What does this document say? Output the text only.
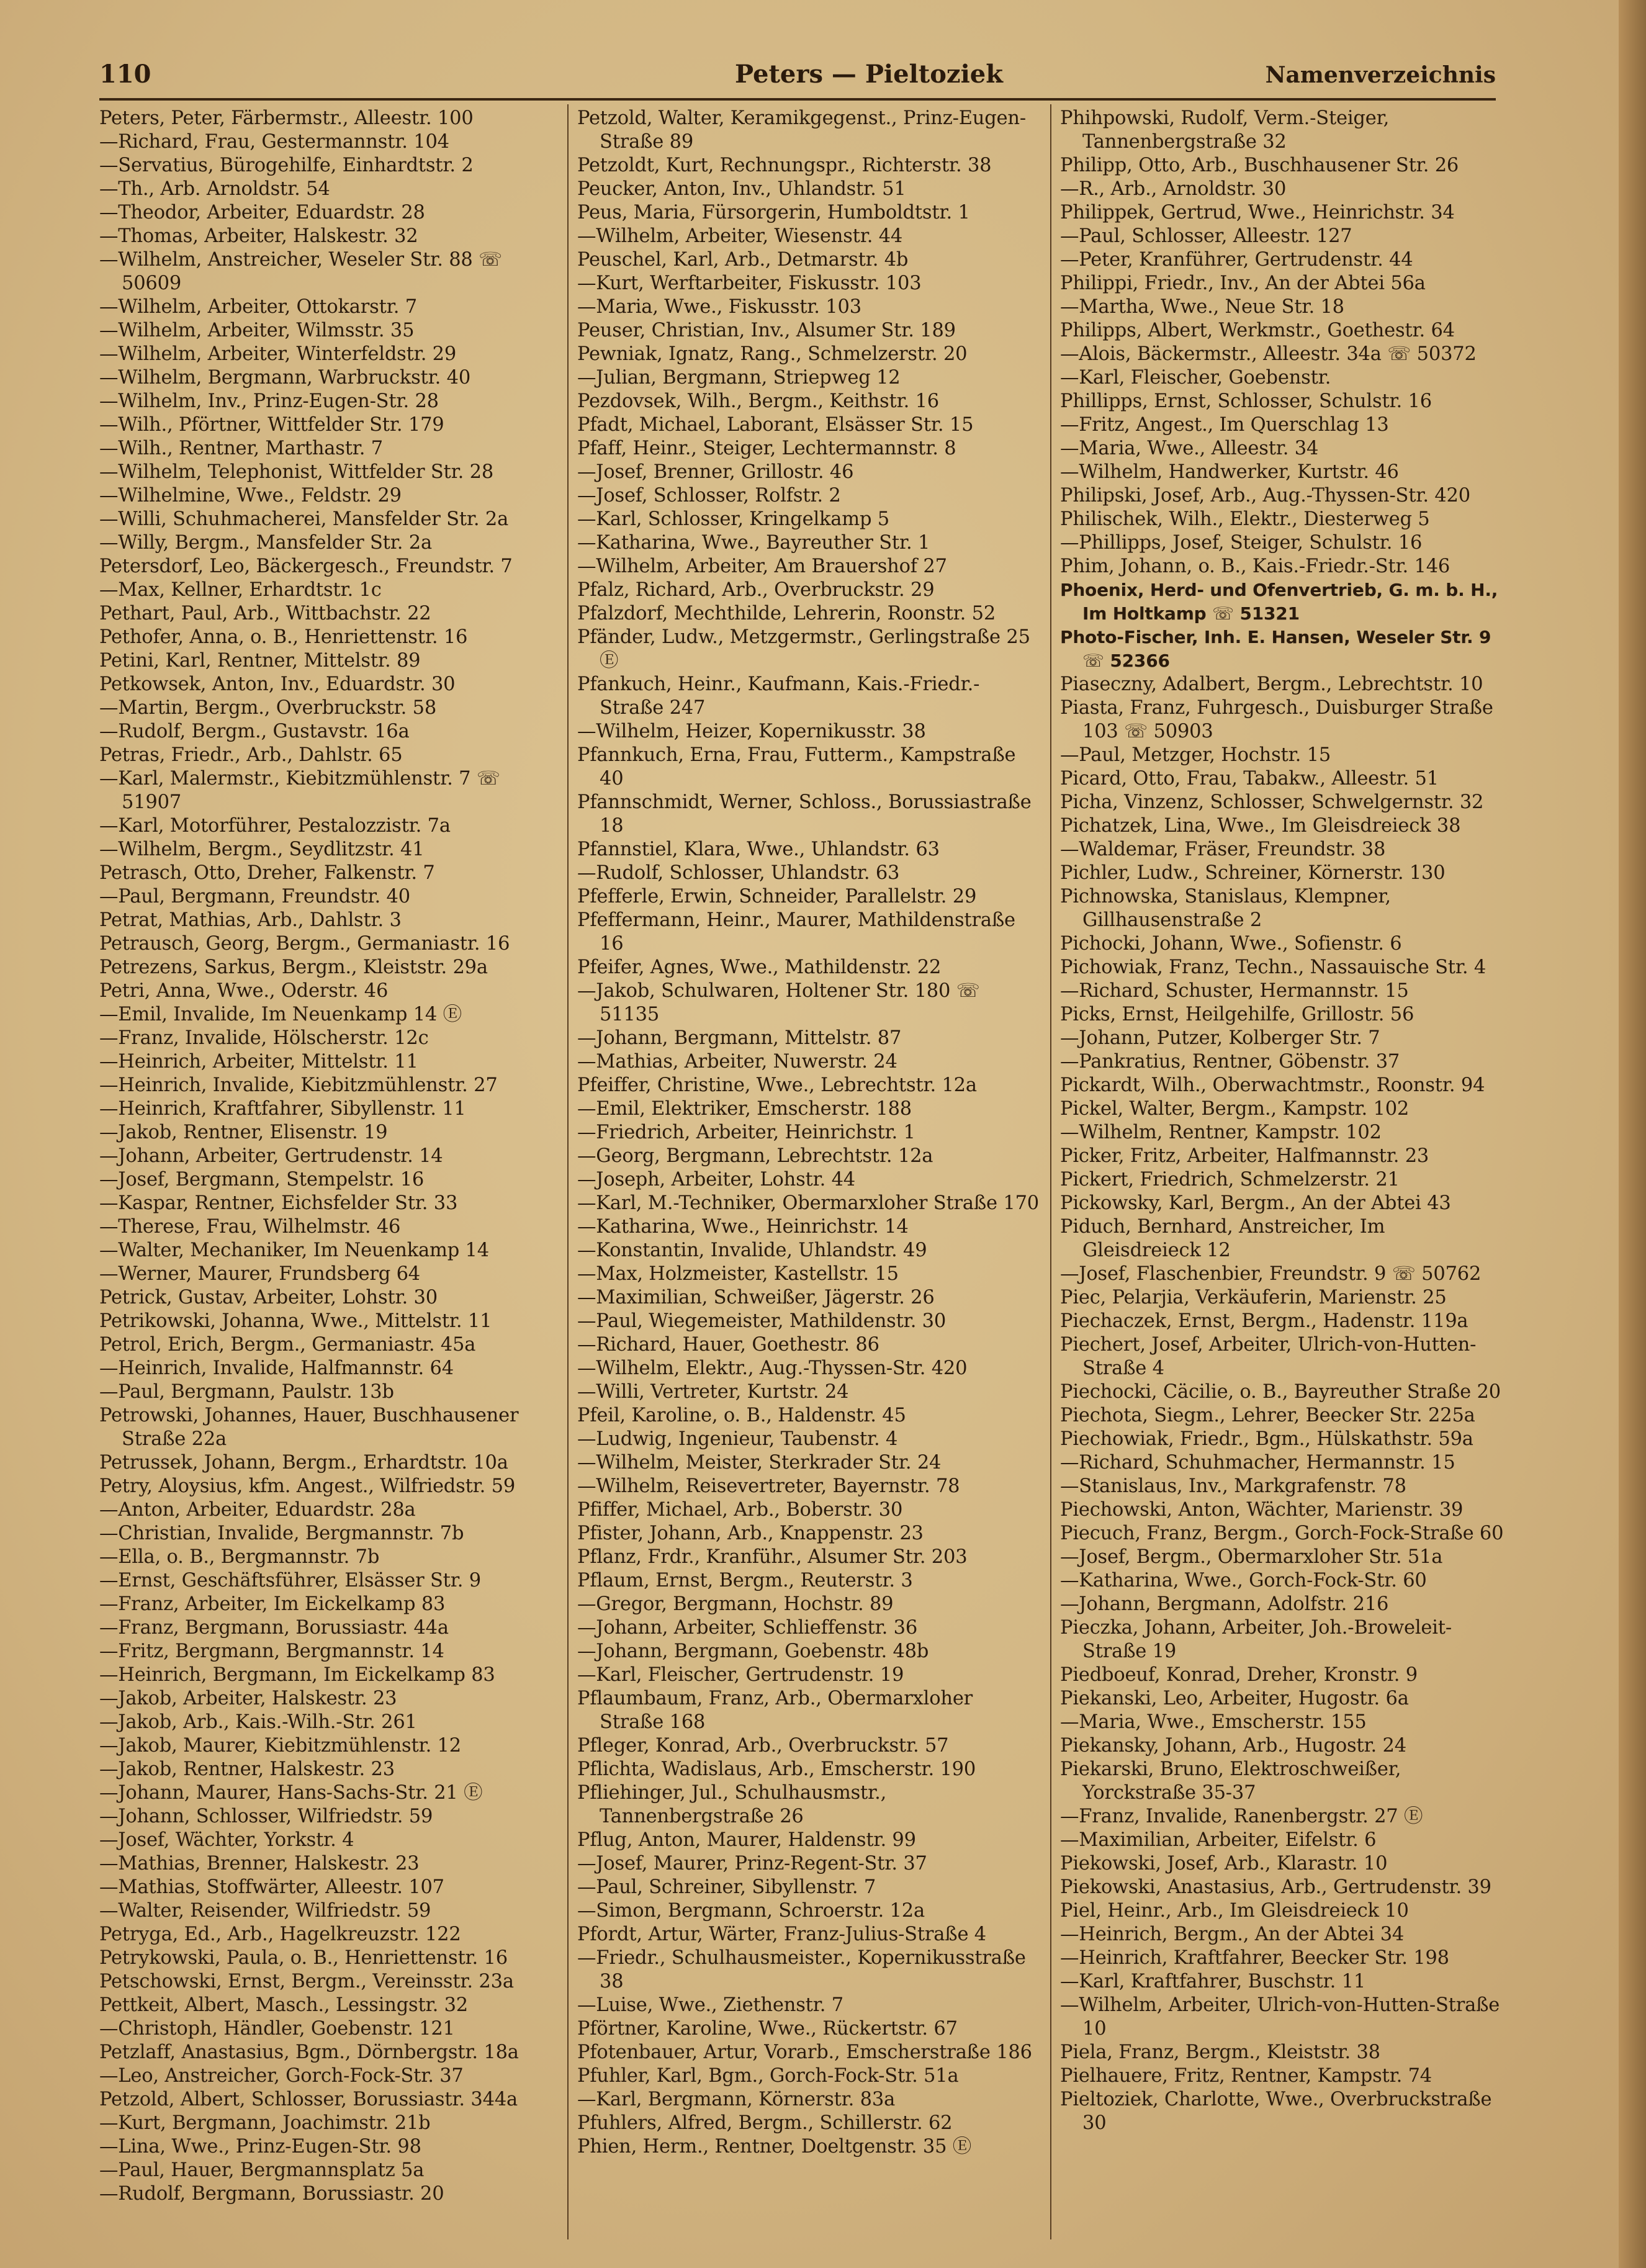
110	Peters — Pieltoziek	Namenverzeichnis

Peters, Peter, Färbermstr., Alleestr. 100

—Richard, Frau, Gestermannstr. 104

—Servatius, Bürogehilfe, Einhardtstr. 2

—Th., Arb. Arnoldstr. 54

—Theodor, Arbeiter, Eduardstr. 28

—Thomas, Arbeiter, Halskestr. 32

—Wilhelm, Anstreicher, Weseler Str. 88 ☏ 50609

—Wilhelm, Arbeiter, Ottokarstr. 7

—Wilhelm, Arbeiter, Wilmsstr. 35

—Wilhelm, Arbeiter, Winterfeldstr. 29

—Wilhelm, Bergmann, Warbruckstr. 40

—Wilhelm, Inv., Prinz-Eugen-Str. 28

—Wilh., Pförtner, Wittfelder Str. 179

—Wilh., Rentner, Marthastr. 7

—Wilhelm, Telephonist, Wittfelder Str. 28

—Wilhelmine, Wwe., Feldstr. 29

—Willi, Schuhmacherei, Mansfelder Str. 2a

—Willy, Bergm., Mansfelder Str. 2a

Petersdorf, Leo, Bäckergesch., Freundstr. 7

—Max, Kellner, Erhardtstr. 1c

Pethart, Paul, Arb., Wittbachstr. 22

Pethofer, Anna, o. B., Henriettenstr. 16

Petini, Karl, Rentner, Mittelstr. 89

Petkowsek, Anton, Inv., Eduardstr. 30

—Martin, Bergm., Overbruckstr. 58

—Rudolf, Bergm., Gustavstr. 16a

Petras, Friedr., Arb., Dahlstr. 65

—Karl, Malermstr., Kiebitzmühlenstr. 7 ☏ 51907

—Karl, Motorführer, Pestalozzistr. 7a

—Wilhelm, Bergm., Seydlitzstr. 41

Petrasch, Otto, Dreher, Falkenstr. 7

—Paul, Bergmann, Freundstr. 40

Petrat, Mathias, Arb., Dahlstr. 3

Petrausch, Georg, Bergm., Germaniastr. 16

Petrezens, Sarkus, Bergm., Kleiststr. 29a

Petri, Anna, Wwe., Oderstr. 46

—Emil, Invalide, Im Neuenkamp 14 Ⓔ

—Franz, Invalide, Hölscherstr. 12c

—Heinrich, Arbeiter, Mittelstr. 11

—Heinrich, Invalide, Kiebitzmühlenstr. 27

—Heinrich, Kraftfahrer, Sibyllenstr. 11

—Jakob, Rentner, Elisenstr. 19

—Johann, Arbeiter, Gertrudenstr. 14

—Josef, Bergmann, Stempelstr. 16

—Kaspar, Rentner, Eichsfelder Str. 33

—Therese, Frau, Wilhelmstr. 46

—Walter, Mechaniker, Im Neuenkamp 14

—Werner, Maurer, Frundsberg 64

Petrick, Gustav, Arbeiter, Lohstr. 30

Petrikowski, Johanna, Wwe., Mittelstr. 11

Petrol, Erich, Bergm., Germaniastr. 45a

—Heinrich, Invalide, Halfmannstr. 64

—Paul, Bergmann, Paulstr. 13b

Petrowski, Johannes, Hauer, Buschhausener Straße 22a

Petrussek, Johann, Bergm., Erhardtstr. 10a

Petry, Aloysius, kfm. Angest., Wilfriedstr. 59

—Anton, Arbeiter, Eduardstr. 28a

—Christian, Invalide, Bergmannstr. 7b

—Ella, o. B., Bergmannstr. 7b

—Ernst, Geschäftsführer, Elsässer Str. 9

—Franz, Arbeiter, Im Eickelkamp 83

—Franz, Bergmann, Borussiastr. 44a

—Fritz, Bergmann, Bergmannstr. 14

—Heinrich, Bergmann, Im Eickelkamp 83

—Jakob, Arbeiter, Halskestr. 23

—Jakob, Arb., Kais.-Wilh.-Str. 261

—Jakob, Maurer, Kiebitzmühlenstr. 12

—Jakob, Rentner, Halskestr. 23

—Johann, Maurer, Hans-Sachs-Str. 21 Ⓔ

—Johann, Schlosser, Wilfriedstr. 59

—Josef, Wächter, Yorkstr. 4

—Mathias, Brenner, Halskestr. 23

—Mathias, Stoffwärter, Alleestr. 107

—Walter, Reisender, Wilfriedstr. 59

Petryga, Ed., Arb., Hagelkreuzstr. 122

Petrykowski, Paula, o. B., Henriettenstr. 16

Petschowski, Ernst, Bergm., Vereinsstr. 23a

Pettkeit, Albert, Masch., Lessingstr. 32

—Christoph, Händler, Goebenstr. 121

Petzlaff, Anastasius, Bgm., Dörnbergstr. 18a

—Leo, Anstreicher, Gorch-Fock-Str. 37

Petzold, Albert, Schlosser, Borussiastr. 344a

—Kurt, Bergmann, Joachimstr. 21b

—Lina, Wwe., Prinz-Eugen-Str. 98

—Paul, Hauer, Bergmannsplatz 5a

—Rudolf, Bergmann, Borussiastr. 20

Petzold, Walter, Keramikgegenst., Prinz-Eugen-Straße 89

Petzoldt, Kurt, Rechnungspr., Richterstr. 38

Peucker, Anton, Inv., Uhlandstr. 51

Peus, Maria, Fürsorgerin, Humboldtstr. 1

—Wilhelm, Arbeiter, Wiesenstr. 44

Peuschel, Karl, Arb., Detmarstr. 4b

—Kurt, Werftarbeiter, Fiskusstr. 103

—Maria, Wwe., Fiskusstr. 103

Peuser, Christian, Inv., Alsumer Str. 189

Pewniak, Ignatz, Rang., Schmelzerstr. 20

—Julian, Bergmann, Striepweg 12

Pezdovsek, Wilh., Bergm., Keithstr. 16

Pfadt, Michael, Laborant, Elsässer Str. 15

Pfaff, Heinr., Steiger, Lechtermannstr. 8

—Josef, Brenner, Grillostr. 46

—Josef, Schlosser, Rolfstr. 2

—Karl, Schlosser, Kringelkamp 5

—Katharina, Wwe., Bayreuther Str. 1

—Wilhelm, Arbeiter, Am Brauershof 27

Pfalz, Richard, Arb., Overbruckstr. 29

Pfalzdorf, Mechthilde, Lehrerin, Roonstr. 52

Pfänder, Ludw., Metzgermstr., Gerlingstraße 25 Ⓔ

Pfankuch, Heinr., Kaufmann, Kais.-Friedr.-Straße 247

—Wilhelm, Heizer, Kopernikusstr. 38

Pfannkuch, Erna, Frau, Futterm., Kampstraße 40

Pfannschmidt, Werner, Schloss., Borussiastraße 18

Pfannstiel, Klara, Wwe., Uhlandstr. 63

—Rudolf, Schlosser, Uhlandstr. 63

Pfefferle, Erwin, Schneider, Parallelstr. 29

Pfeffermann, Heinr., Maurer, Mathildenstraße 16

Pfeifer, Agnes, Wwe., Mathildenstr. 22

—Jakob, Schulwaren, Holtener Str. 180 ☏ 51135

—Johann, Bergmann, Mittelstr. 87

—Mathias, Arbeiter, Nuwerstr. 24

Pfeiffer, Christine, Wwe., Lebrechtstr. 12a

—Emil, Elektriker, Emscherstr. 188

—Friedrich, Arbeiter, Heinrichstr. 1

—Georg, Bergmann, Lebrechtstr. 12a

—Joseph, Arbeiter, Lohstr. 44

—Karl, M.-Techniker, Obermarxloher Straße 170

—Katharina, Wwe., Heinrichstr. 14

—Konstantin, Invalide, Uhlandstr. 49

—Max, Holzmeister, Kastellstr. 15

—Maximilian, Schweißer, Jägerstr. 26

—Paul, Wiegemeister, Mathildenstr. 30

—Richard, Hauer, Goethestr. 86

—Wilhelm, Elektr., Aug.-Thyssen-Str. 420

—Willi, Vertreter, Kurtstr. 24

Pfeil, Karoline, o. B., Haldenstr. 45

—Ludwig, Ingenieur, Taubenstr. 4

—Wilhelm, Meister, Sterkrader Str. 24

—Wilhelm, Reisevertreter, Bayernstr. 78

Pfiffer, Michael, Arb., Boberstr. 30

Pfister, Johann, Arb., Knappenstr. 23

Pflanz, Frdr., Kranführ., Alsumer Str. 203

Pflaum, Ernst, Bergm., Reuterstr. 3

—Gregor, Bergmann, Hochstr. 89

—Johann, Arbeiter, Schlieffenstr. 36

—Johann, Bergmann, Goebenstr. 48b

—Karl, Fleischer, Gertrudenstr. 19

Pflaumbaum, Franz, Arb., Obermarxloher Straße 168

Pfleger, Konrad, Arb., Overbruckstr. 57

Pflichta, Wadislaus, Arb., Emscherstr. 190

Pfliehinger, Jul., Schulhausmstr., Tannenbergstraße 26

Pflug, Anton, Maurer, Haldenstr. 99

—Josef, Maurer, Prinz-Regent-Str. 37

—Paul, Schreiner, Sibyllenstr. 7

—Simon, Bergmann, Schroerstr. 12a

Pfordt, Artur, Wärter, Franz-Julius-Straße 4

—Friedr., Schulhausmeister., Kopernikusstraße 38

—Luise, Wwe., Ziethenstr. 7

Pförtner, Karoline, Wwe., Rückertstr. 67

Pfotenbauer, Artur, Vorarb., Emscherstraße 186

Pfuhler, Karl, Bgm., Gorch-Fock-Str. 51a

—Karl, Bergmann, Körnerstr. 83a

Pfuhlers, Alfred, Bergm., Schillerstr. 62

Phien, Herm., Rentner, Doeltgenstr. 35 Ⓔ

Phihpowski, Rudolf, Verm.-Steiger, Tannenbergstraße 32

Philipp, Otto, Arb., Buschhausener Str. 26

—R., Arb., Arnoldstr. 30

Philippek, Gertrud, Wwe., Heinrichstr. 34

—Paul, Schlosser, Alleestr. 127

—Peter, Kranführer, Gertrudenstr. 44

Philippi, Friedr., Inv., An der Abtei 56a

—Martha, Wwe., Neue Str. 18

Philipps, Albert, Werkmstr., Goethestr. 64

—Alois, Bäckermstr., Alleestr. 34a ☏ 50372

—Karl, Fleischer, Goebenstr.

Phillipps, Ernst, Schlosser, Schulstr. 16

—Fritz, Angest., Im Querschlag 13

—Maria, Wwe., Alleestr. 34

—Wilhelm, Handwerker, Kurtstr. 46

Philipski, Josef, Arb., Aug.-Thyssen-Str. 420

Philischek, Wilh., Elektr., Diesterweg 5

—Phillipps, Josef, Steiger, Schulstr. 16

Phim, Johann, o. B., Kais.-Friedr.-Str. 146

Phoenix, Herd- und Ofenvertrieb, G. m. b. H., Im Holtkamp ☏ 51321

Photo-Fischer, Inh. E. Hansen, Weseler Str. 9 ☏ 52366

Piaseczny, Adalbert, Bergm., Lebrechtstr. 10

Piasta, Franz, Fuhrgesch., Duisburger Straße 103 ☏ 50903

—Paul, Metzger, Hochstr. 15

Picard, Otto, Frau, Tabakw., Alleestr. 51

Picha, Vinzenz, Schlosser, Schwelgernstr. 32

Pichatzek, Lina, Wwe., Im Gleisdreieck 38

—Waldemar, Fräser, Freundstr. 38

Pichler, Ludw., Schreiner, Körnerstr. 130

Pichnowska, Stanislaus, Klempner, Gillhausenstraße 2

Pichocki, Johann, Wwe., Sofienstr. 6

Pichowiak, Franz, Techn., Nassauische Str. 4

—Richard, Schuster, Hermannstr. 15

Picks, Ernst, Heilgehilfe, Grillostr. 56

—Johann, Putzer, Kolberger Str. 7

—Pankratius, Rentner, Göbenstr. 37

Pickardt, Wilh., Oberwachtmstr., Roonstr. 94

Pickel, Walter, Bergm., Kampstr. 102

—Wilhelm, Rentner, Kampstr. 102

Picker, Fritz, Arbeiter, Halfmannstr. 23

Pickert, Friedrich, Schmelzerstr. 21

Pickowsky, Karl, Bergm., An der Abtei 43

Piduch, Bernhard, Anstreicher, Im Gleisdreieck 12

—Josef, Flaschenbier, Freundstr. 9 ☏ 50762

Piec, Pelarjia, Verkäuferin, Marienstr. 25

Piechaczek, Ernst, Bergm., Hadenstr. 119a

Piechert, Josef, Arbeiter, Ulrich-von-Hutten-Straße 4

Piechocki, Cäcilie, o. B., Bayreuther Straße 20

Piechota, Siegm., Lehrer, Beecker Str. 225a

Piechowiak, Friedr., Bgm., Hülskathstr. 59a

—Richard, Schuhmacher, Hermannstr. 15

—Stanislaus, Inv., Markgrafenstr. 78

Piechowski, Anton, Wächter, Marienstr. 39

Piecuch, Franz, Bergm., Gorch-Fock-Straße 60

—Josef, Bergm., Obermarxloher Str. 51a

—Katharina, Wwe., Gorch-Fock-Str. 60

—Johann, Bergmann, Adolfstr. 216

Pieczka, Johann, Arbeiter, Joh.-Broweleit-Straße 19

Piedboeuf, Konrad, Dreher, Kronstr. 9

Piekanski, Leo, Arbeiter, Hugostr. 6a

—Maria, Wwe., Emscherstr. 155

Piekansky, Johann, Arb., Hugostr. 24

Piekarski, Bruno, Elektroschweißer, Yorckstraße 35-37

—Franz, Invalide, Ranenbergstr. 27 Ⓔ

—Maximilian, Arbeiter, Eifelstr. 6

Piekowski, Josef, Arb., Klarastr. 10

Piekowski, Anastasius, Arb., Gertrudenstr. 39

Piel, Heinr., Arb., Im Gleisdreieck 10

—Heinrich, Bergm., An der Abtei 34

—Heinrich, Kraftfahrer, Beecker Str. 198

—Karl, Kraftfahrer, Buschstr. 11

—Wilhelm, Arbeiter, Ulrich-von-Hutten-Straße 10

Piela, Franz, Bergm., Kleiststr. 38

Pielhauere, Fritz, Rentner, Kampstr. 74

Pieltoziek, Charlotte, Wwe., Overbruckstraße 30
